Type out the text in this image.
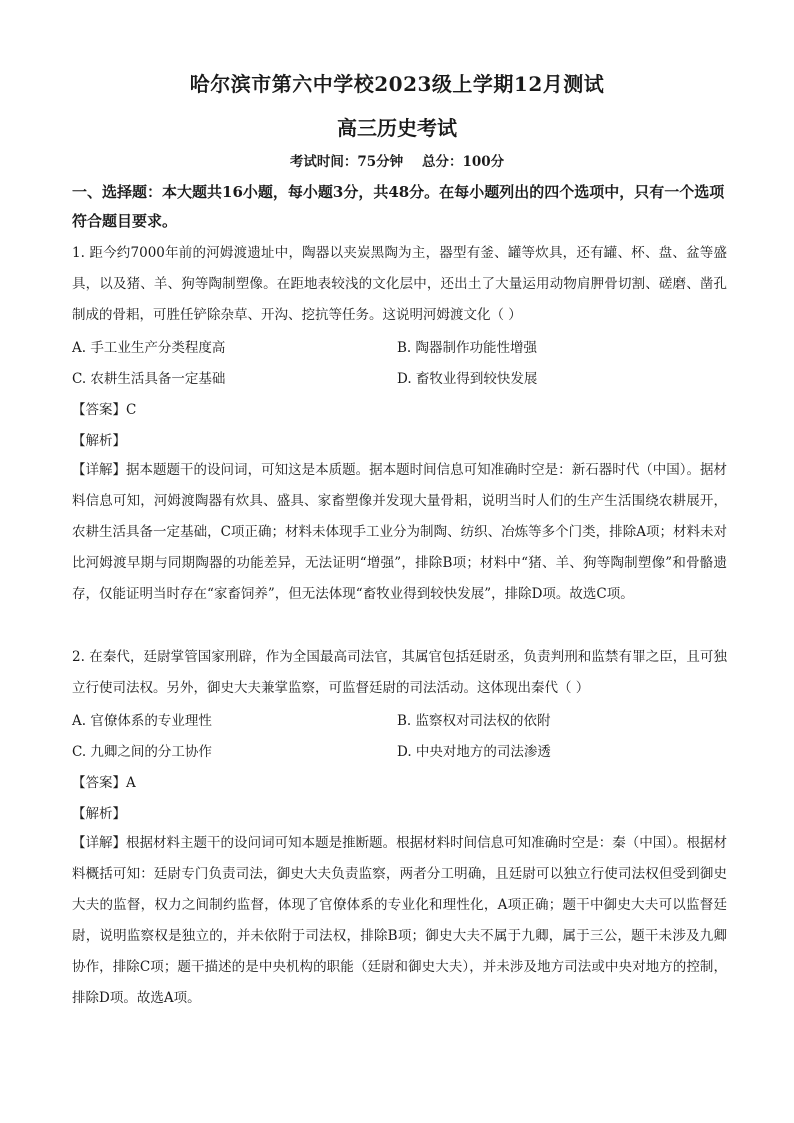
哈尔滨市第六中学校2023级上学期12月测试
高三历史考试
考试时间：75分钟    总分：100分
一、选择题：本大题共16小题，每小题3分，共48分。在每小题列出的四个选项中，只有一个选项符合题目要求。
1. 距今约7000年前的河姆渡遗址中，陶器以夹炭黑陶为主，器型有釜、罐等炊具，还有罐、杯、盘、盆等盛具，以及猪、羊、狗等陶制塑像。在距地表较浅的文化层中，还出土了大量运用动物肩胛骨切割、磋磨、凿孔制成的骨耜，可胜任铲除杂草、开沟、挖抗等任务。这说明河姆渡文化（ ）
A. 手工业生产分类程度高	B. 陶器制作功能性增强
C. 农耕生活具备一定基础	D. 畜牧业得到较快发展
【答案】C
【解析】
【详解】据本题题干的设问词，可知这是本质题。据本题时间信息可知准确时空是：新石器时代（中国）。据材料信息可知，河姆渡陶器有炊具、盛具、家畜塑像并发现大量骨耜，说明当时人们的生产生活围绕农耕展开，农耕生活具备一定基础，C项正确；材料未体现手工业分为制陶、纺织、冶炼等多个门类，排除A项；材料未对比河姆渡早期与同期陶器的功能差异，无法证明“增强”，排除B项；材料中“猪、羊、狗等陶制塑像”和骨骼遗存，仅能证明当时存在“家畜饲养”，但无法体现“畜牧业得到较快发展”，排除D项。故选C项。
2. 在秦代，廷尉掌管国家刑辟，作为全国最高司法官，其属官包括廷尉丞，负责判刑和监禁有罪之臣，且可独立行使司法权。另外，御史大夫兼掌监察，可监督廷尉的司法活动。这体现出秦代（ ）
A. 官僚体系的专业理性	B. 监察权对司法权的依附
C. 九卿之间的分工协作	D. 中央对地方的司法渗透
【答案】A
【解析】
【详解】根据材料主题干的设问词可知本题是推断题。根据材料时间信息可知准确时空是：秦（中国）。根据材料概括可知：廷尉专门负责司法，御史大夫负责监察，两者分工明确，且廷尉可以独立行使司法权但受到御史大夫的监督，权力之间制约监督，体现了官僚体系的专业化和理性化，A项正确；题干中御史大夫可以监督廷尉，说明监察权是独立的，并未依附于司法权，排除B项；御史大夫不属于九卿，属于三公，题干未涉及九卿协作，排除C项；题干描述的是中央机构的职能（廷尉和御史大夫），并未涉及地方司法或中央对地方的控制，排除D项。故选A项。
